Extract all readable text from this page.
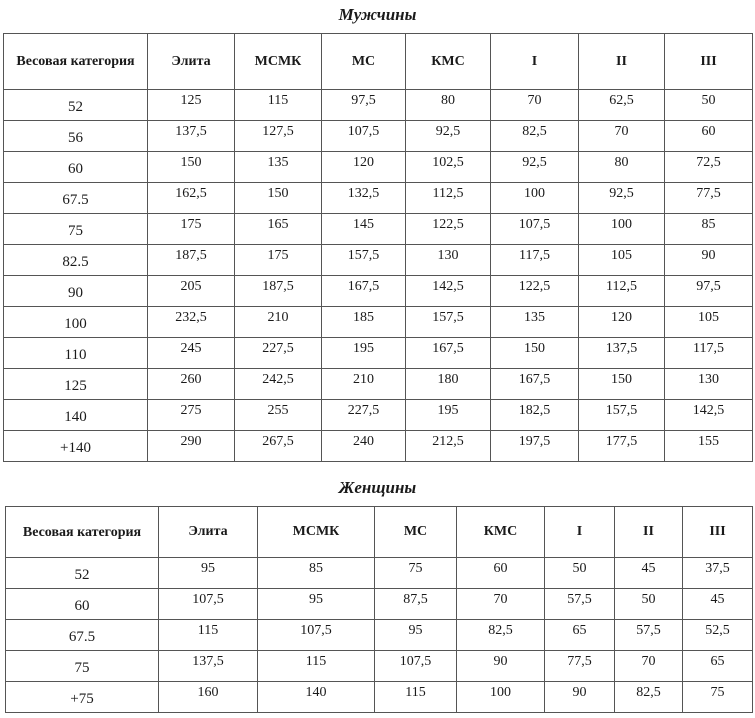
Мужчины
Весовая категория	Элита	МСМК	МС	КМС	I	II	III
52	125	115	97,5	80	70	62,5	50
56	137,5	127,5	107,5	92,5	82,5	70	60
60	150	135	120	102,5	92,5	80	72,5
67.5	162,5	150	132,5	112,5	100	92,5	77,5
75	175	165	145	122,5	107,5	100	85
82.5	187,5	175	157,5	130	117,5	105	90
90	205	187,5	167,5	142,5	122,5	112,5	97,5
100	232,5	210	185	157,5	135	120	105
110	245	227,5	195	167,5	150	137,5	117,5
125	260	242,5	210	180	167,5	150	130
140	275	255	227,5	195	182,5	157,5	142,5
+140	290	267,5	240	212,5	197,5	177,5	155
Женщины
Весовая категория	Элита	МСМК	МС	КМС	I	II	III
52	95	85	75	60	50	45	37,5
60	107,5	95	87,5	70	57,5	50	45
67.5	115	107,5	95	82,5	65	57,5	52,5
75	137,5	115	107,5	90	77,5	70	65
+75	160	140	115	100	90	82,5	75
